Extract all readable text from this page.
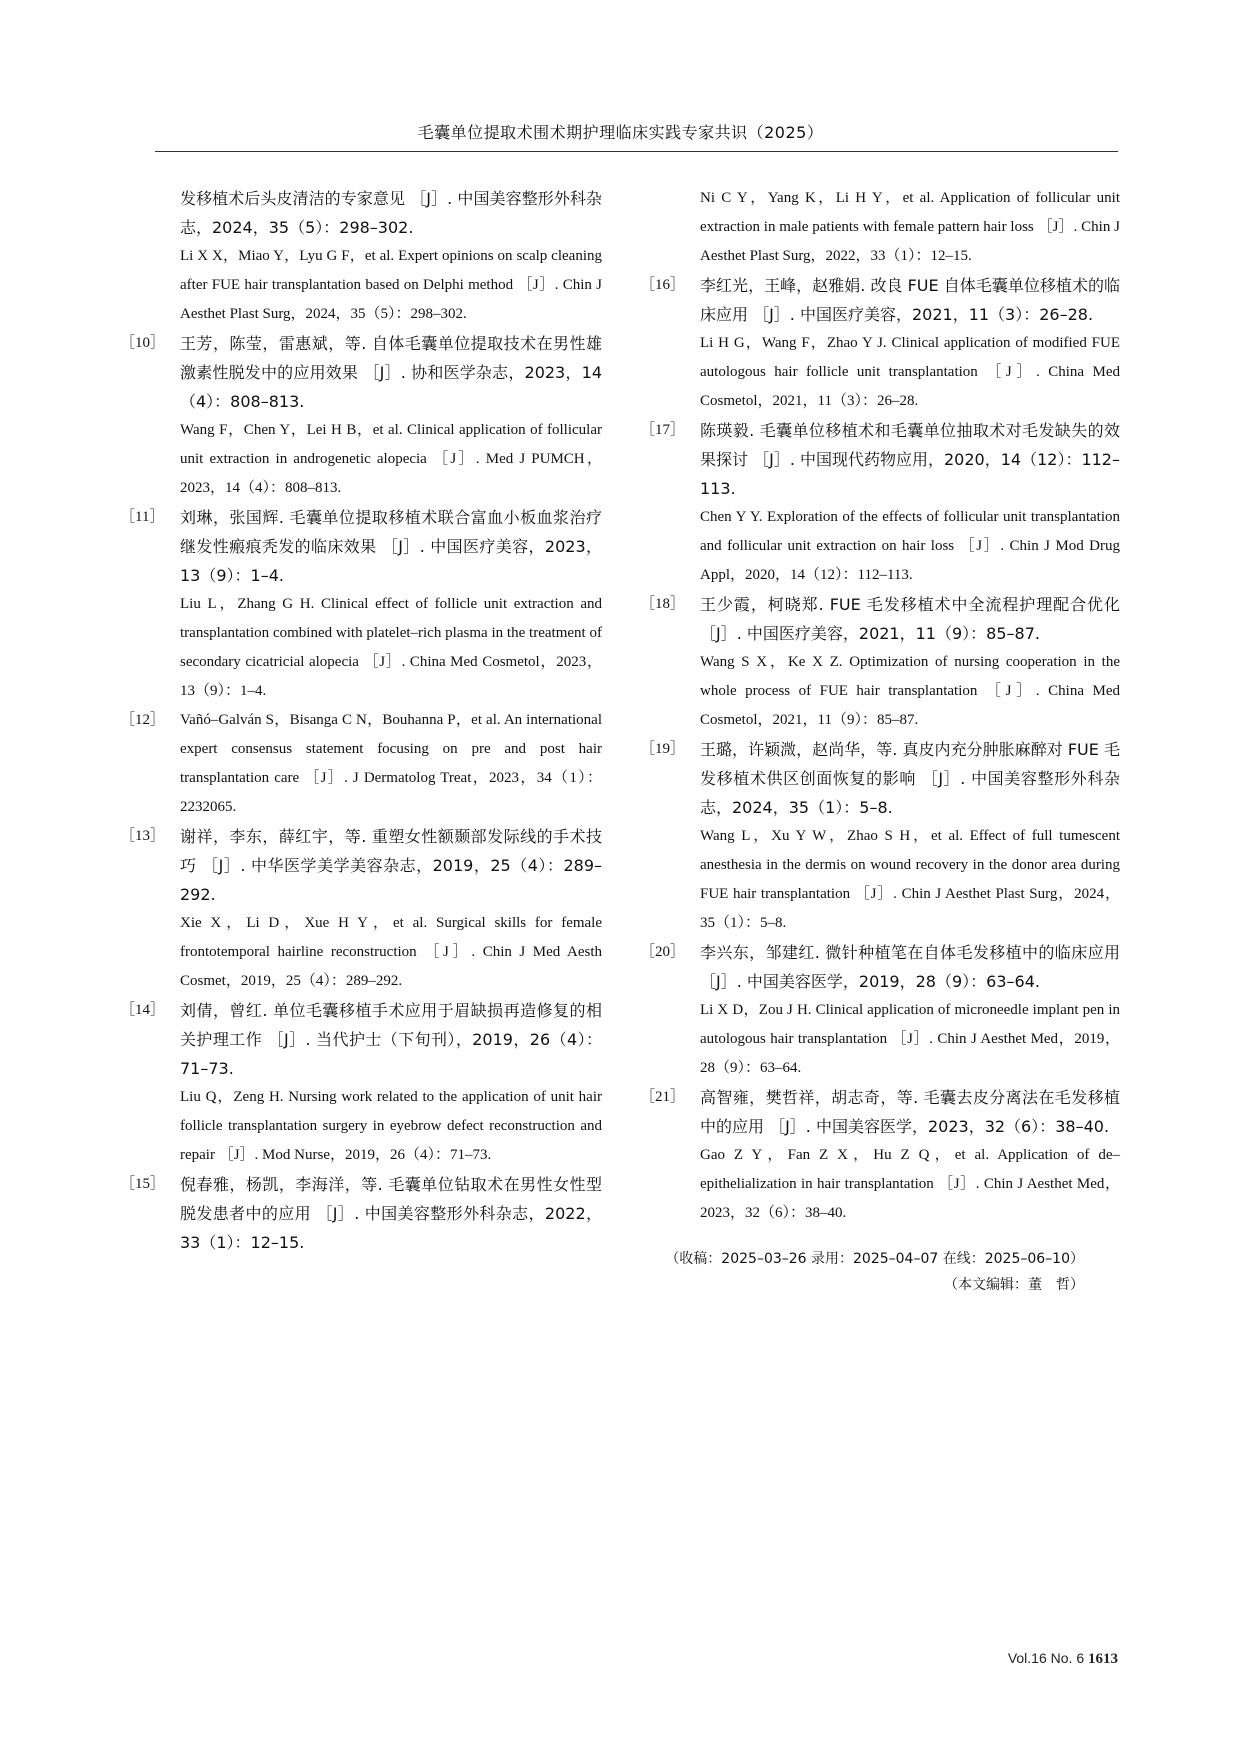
毛囊单位提取术围术期护理临床实践专家共识（2025）

发移植术后头皮清洁的专家意见 ［J］. 中国美容整形外科杂志，2024，35（5）：298–302.

Li X X，Miao Y，Lyu G F，et al. Expert opinions on scalp cleaning after FUE hair transplantation based on Delphi method ［J］. Chin J Aesthet Plast Surg，2024，35（5）：298–302.

［10］ 王芳，陈莹，雷惠斌，等. 自体毛囊单位提取技术在男性雄激素性脱发中的应用效果 ［J］. 协和医学杂志，2023，14（4）：808–813.

Wang F，Chen Y，Lei H B，et al. Clinical application of follicular unit extraction in androgenetic alopecia ［J］. Med J PUMCH，2023，14（4）：808–813.

［11］ 刘琳，张国辉. 毛囊单位提取移植术联合富血小板血浆治疗继发性瘢痕秃发的临床效果 ［J］. 中国医疗美容，2023，13（9）：1–4.

Liu L，Zhang G H. Clinical effect of follicle unit extraction and transplantation combined with platelet–rich plasma in the treatment of secondary cicatricial alopecia ［J］. China Med Cosmetol，2023，13（9）：1–4.

［12］ Vañó–Galván S，Bisanga C N，Bouhanna P，et al. An international expert consensus statement focusing on pre and post hair transplantation care ［J］. J Dermatolog Treat，2023，34（1）：2232065.

［13］ 谢祥，李东，薛红宇，等. 重塑女性额颞部发际线的手术技巧 ［J］. 中华医学美学美容杂志，2019，25（4）：289–292.

Xie X，Li D，Xue H Y，et al. Surgical skills for female frontotemporal hairline reconstruction ［J］. Chin J Med Aesth Cosmet，2019，25（4）：289–292.

［14］ 刘倩，曾红. 单位毛囊移植手术应用于眉缺损再造修复的相关护理工作 ［J］. 当代护士（下旬刊），2019，26（4）：71–73.

Liu Q，Zeng H. Nursing work related to the application of unit hair follicle transplantation surgery in eyebrow defect reconstruction and repair ［J］. Mod Nurse，2019，26（4）：71–73.

［15］ 倪春雅，杨凯，李海洋，等. 毛囊单位钻取术在男性女性型脱发患者中的应用 ［J］. 中国美容整形外科杂志，2022，33（1）：12–15.

Ni C Y，Yang K，Li H Y，et al. Application of follicular unit extraction in male patients with female pattern hair loss ［J］. Chin J Aesthet Plast Surg，2022，33（1）：12–15.

［16］ 李红光，王峰，赵雅娟. 改良 FUE 自体毛囊单位移植术的临床应用 ［J］. 中国医疗美容，2021，11（3）：26–28.

Li H G，Wang F，Zhao Y J. Clinical application of modified FUE autologous hair follicle unit transplantation ［J］. China Med Cosmetol，2021，11（3）：26–28.

［17］ 陈瑛毅. 毛囊单位移植术和毛囊单位抽取术对毛发缺失的效果探讨 ［J］. 中国现代药物应用，2020，14（12）：112–113.

Chen Y Y. Exploration of the effects of follicular unit transplantation and follicular unit extraction on hair loss ［J］. Chin J Mod Drug Appl，2020，14（12）：112–113.

［18］ 王少霞，柯晓郑. FUE 毛发移植术中全流程护理配合优化 ［J］. 中国医疗美容，2021，11（9）：85–87.

Wang S X，Ke X Z. Optimization of nursing cooperation in the whole process of FUE hair transplantation ［J］. China Med Cosmetol，2021，11（9）：85–87.

［19］ 王璐，许颖溦，赵尚华，等. 真皮内充分肿胀麻醉对 FUE 毛发移植术供区创面恢复的影响 ［J］. 中国美容整形外科杂志，2024，35（1）：5–8.

Wang L，Xu Y W，Zhao S H，et al. Effect of full tumescent anesthesia in the dermis on wound recovery in the donor area during FUE hair transplantation ［J］. Chin J Aesthet Plast Surg，2024，35（1）：5–8.

［20］ 李兴东，邹建红. 微针种植笔在自体毛发移植中的临床应用 ［J］. 中国美容医学，2019，28（9）：63–64.

Li X D，Zou J H. Clinical application of microneedle implant pen in autologous hair transplantation ［J］. Chin J Aesthet Med，2019，28（9）：63–64.

［21］ 高智雍，樊哲祥，胡志奇，等. 毛囊去皮分离法在毛发移植中的应用 ［J］. 中国美容医学，2023，32（6）：38–40.

Gao Z Y，Fan Z X，Hu Z Q，et al. Application of de–epithelialization in hair transplantation ［J］. Chin J Aesthet Med，2023，32（6）：38–40.

（收稿：2025–03–26 录用：2025–04–07 在线：2025–06–10）
（本文编辑：董　哲）
Vol.16 No. 6 1613
